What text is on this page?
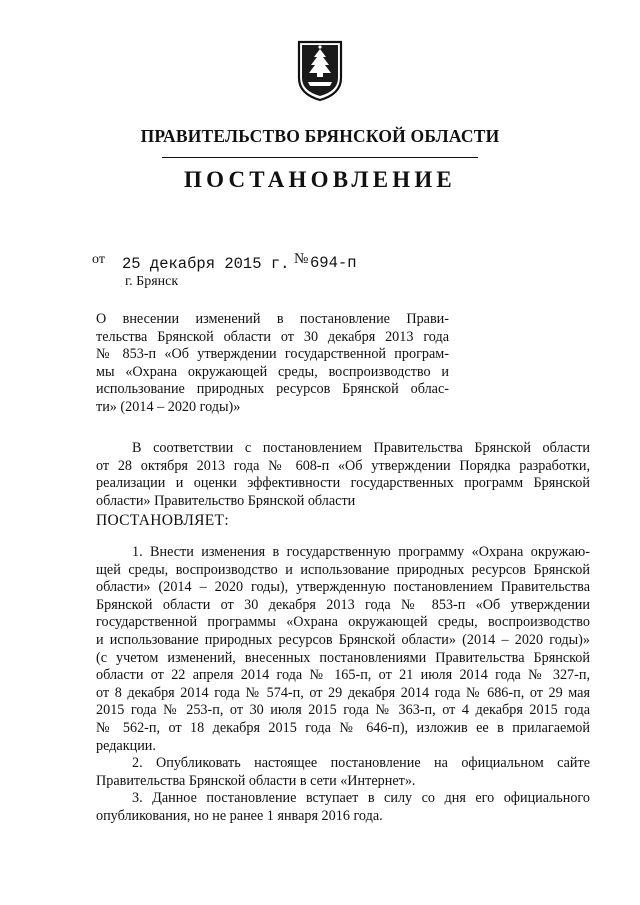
ПРАВИТЕЛЬСТВО БРЯНСКОЙ ОБЛАСТИ
ПОСТАНОВЛЕНИЕ
от 25 декабря 2015 г. № 694-п
г. Брянск
О внесении изменений в постановление Прави-
тельства Брянской области от 30 декабря 2013 года
№ 853-п «Об утверждении государственной програм-
мы «Охрана окружающей среды, воспроизводство и
использование природных ресурсов Брянской облас-
ти» (2014 – 2020 годы)»
В соответствии с постановлением Правительства Брянской области
от 28 октября 2013 года № 608-п «Об утверждении Порядка разработки,
реализации и оценки эффективности государственных программ Брянской
области» Правительство Брянской области
ПОСТАНОВЛЯЕТ:
1. Внести изменения в государственную программу «Охрана окружаю-
щей среды, воспроизводство и использование природных ресурсов Брянской
области» (2014 – 2020 годы), утвержденную постановлением Правительства
Брянской области от 30 декабря 2013 года № 853-п «Об утверждении
государственной программы «Охрана окружающей среды, воспроизводство
и использование природных ресурсов Брянской области» (2014 – 2020 годы)»
(с учетом изменений, внесенных постановлениями Правительства Брянской
области от 22 апреля 2014 года № 165-п, от 21 июля 2014 года № 327-п,
от 8 декабря 2014 года № 574-п, от 29 декабря 2014 года № 686-п, от 29 мая
2015 года № 253-п, от 30 июля 2015 года № 363-п, от 4 декабря 2015 года
№ 562-п, от 18 декабря 2015 года № 646-п), изложив ее в прилагаемой
редакции.
2. Опубликовать настоящее постановление на официальном сайте
Правительства Брянской области в сети «Интернет».
3. Данное постановление вступает в силу со дня его официального
опубликования, но не ранее 1 января 2016 года.
